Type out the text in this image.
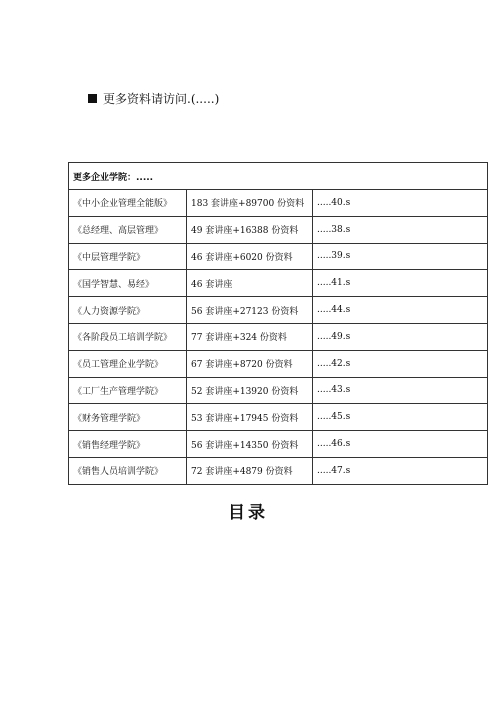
更多资料请访问.(.....)
更多企业学院：.....		
《中小企业管理全能版》	183 套讲座+89700 份资料	.....40.s
《总经理、高层管理》	49 套讲座+16388 份资料	.....38.s
《中层管理学院》	46 套讲座+6020 份资料	.....39.s
《国学智慧、易经》	46 套讲座	.....41.s
《人力资源学院》	56 套讲座+27123 份资料	.....44.s
《各阶段员工培训学院》	77 套讲座+324 份资料	.....49.s
《员工管理企业学院》	67 套讲座+8720 份资料	.....42.s
《工厂生产管理学院》	52 套讲座+13920 份资料	.....43.s
《财务管理学院》	53 套讲座+17945 份资料	.....45.s
《销售经理学院》	56 套讲座+14350 份资料	.....46.s
《销售人员培训学院》	72 套讲座+4879 份资料	.....47.s
目录
